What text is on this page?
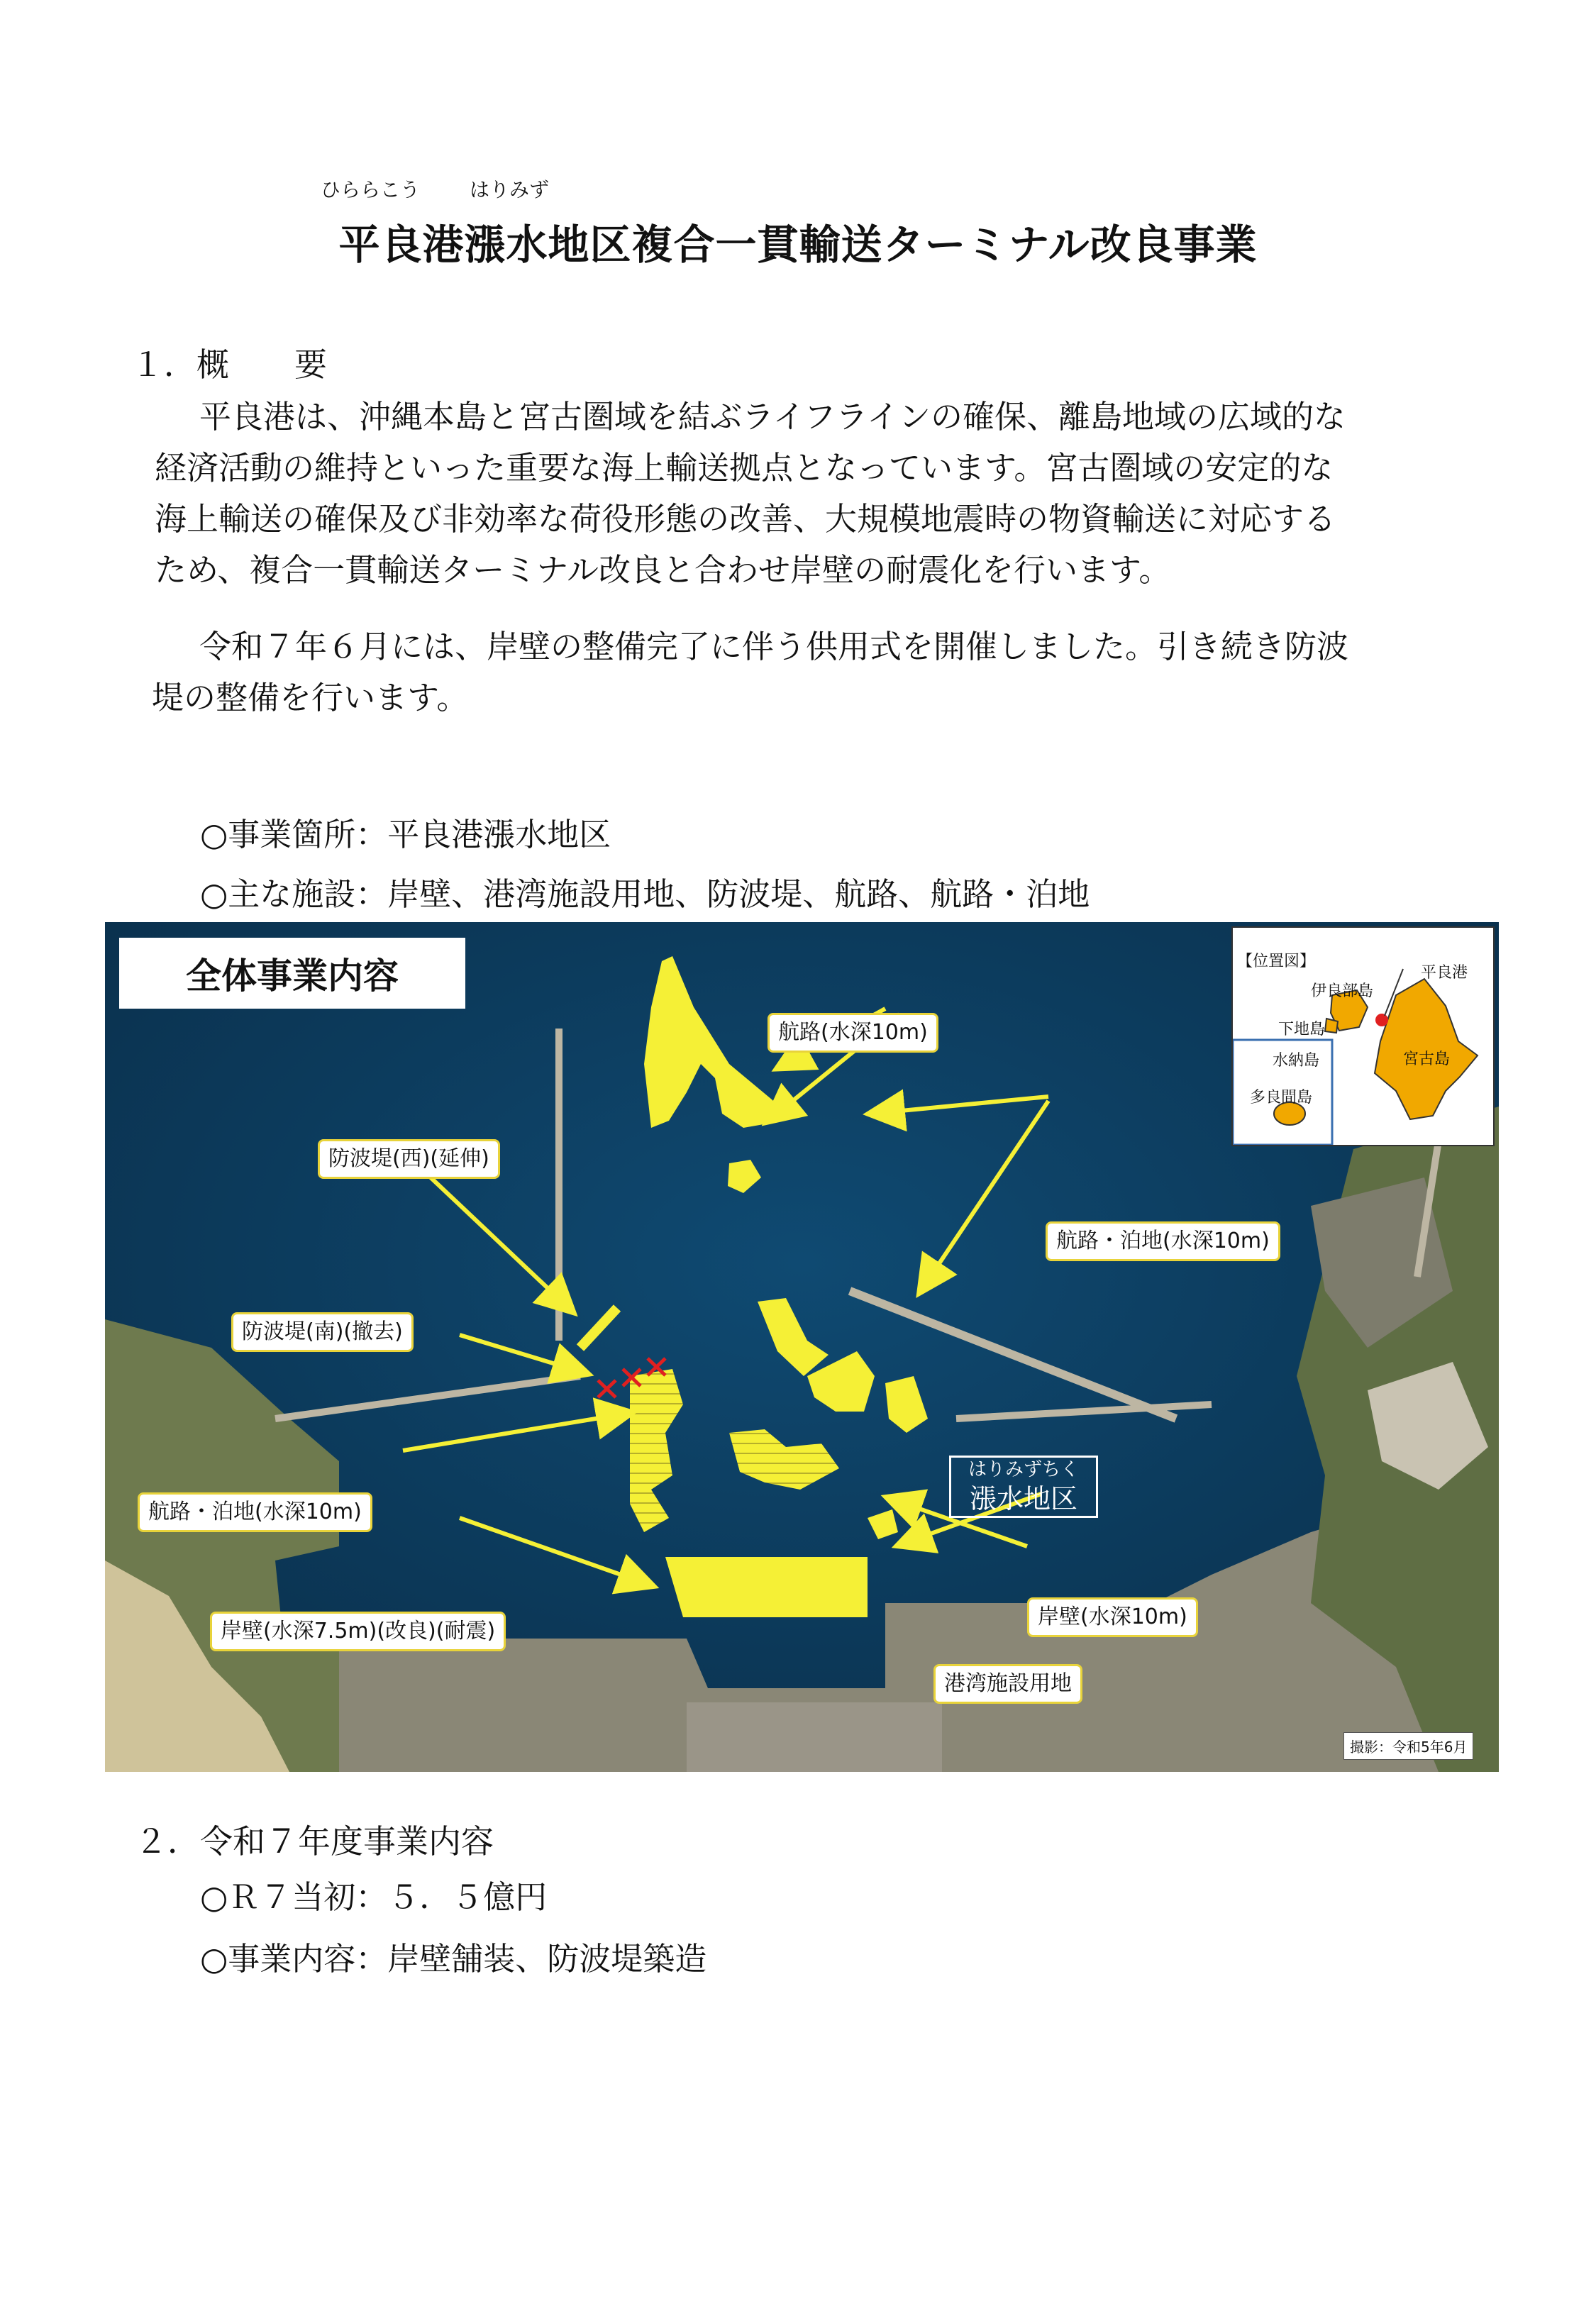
ひららこう はりみず
平良港漲水地区複合一貫輸送ターミナル改良事業
１．概　　要
平良港は、沖縄本島と宮古圏域を結ぶライフラインの確保、離島地域の広域的な
経済活動の維持といった重要な海上輸送拠点となっています。宮古圏域の安定的な
海上輸送の確保及び非効率な荷役形態の改善、大規模地震時の物資輸送に対応する
ため、複合一貫輸送ターミナル改良と合わせ岸壁の耐震化を行います。
令和７年６月には、岸壁の整備完了に伴う供用式を開催しました。引き続き防波
堤の整備を行います。
○事業箇所：平良港漲水地区
○主な施設：岸壁、港湾施設用地、防波堤、航路、航路・泊地
全体事業内容
航路(水深10m)
防波堤(西)(延伸)
防波堤(南)(撤去)
航路・泊地(水深10m)
航路・泊地(水深10m)
岸壁(水深7.5m)(改良)(耐震)
岸壁(水深10m)
港湾施設用地
はりみずちく
漲水地区
撮影：令和5年6月
【位置図】
平良港
伊良部島
下地島
水納島
多良間島
宮古島
２．令和７年度事業内容
○Ｒ７当初：５．５億円
○事業内容：岸壁舗装、防波堤築造
